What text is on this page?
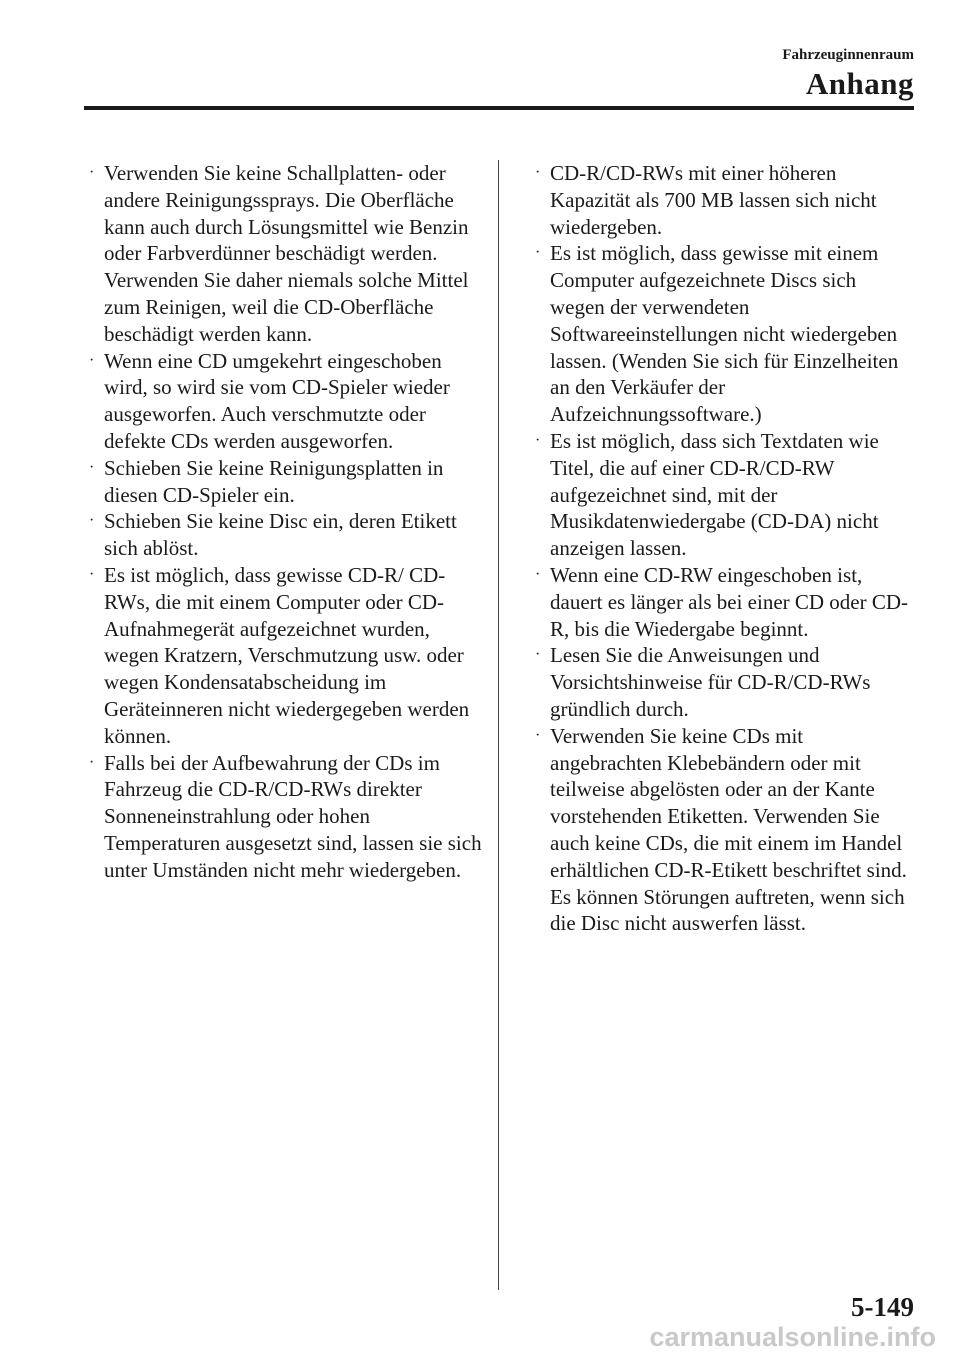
Fahrzeuginnenraum
Anhang
· Verwenden Sie keine Schallplatten- oder andere Reinigungssprays. Die Oberfläche kann auch durch Lösungsmittel wie Benzin oder Farbverdünner beschädigt werden. Verwenden Sie daher niemals solche Mittel zum Reinigen, weil die CD-Oberfläche beschädigt werden kann.
· Wenn eine CD umgekehrt eingeschoben wird, so wird sie vom CD-Spieler wieder ausgeworfen. Auch verschmutzte oder defekte CDs werden ausgeworfen.
· Schieben Sie keine Reinigungsplatten in diesen CD-Spieler ein.
· Schieben Sie keine Disc ein, deren Etikett sich ablöst.
· Es ist möglich, dass gewisse CD-R/ CD-RWs, die mit einem Computer oder CD-Aufnahmegerät aufgezeichnet wurden, wegen Kratzern, Verschmutzung usw. oder wegen Kondensatabscheidung im Geräteinneren nicht wiedergegeben werden können.
· Falls bei der Aufbewahrung der CDs im Fahrzeug die CD-R/CD-RWs direkter Sonneneinstrahlung oder hohen Temperaturen ausgesetzt sind, lassen sie sich unter Umständen nicht mehr wiedergeben.
· CD-R/CD-RWs mit einer höheren Kapazität als 700 MB lassen sich nicht wiedergeben.
· Es ist möglich, dass gewisse mit einem Computer aufgezeichnete Discs sich wegen der verwendeten Softwareeinstellungen nicht wiedergeben lassen. (Wenden Sie sich für Einzelheiten an den Verkäufer der Aufzeichnungssoftware.)
· Es ist möglich, dass sich Textdaten wie Titel, die auf einer CD-R/CD-RW aufgezeichnet sind, mit der Musikdatenwiedergabe (CD-DA) nicht anzeigen lassen.
· Wenn eine CD-RW eingeschoben ist, dauert es länger als bei einer CD oder CD-R, bis die Wiedergabe beginnt.
· Lesen Sie die Anweisungen und Vorsichtshinweise für CD-R/CD-RWs gründlich durch.
· Verwenden Sie keine CDs mit angebrachten Klebebändern oder mit teilweise abgelösten oder an der Kante vorstehenden Etiketten. Verwenden Sie auch keine CDs, die mit einem im Handel erhältlichen CD-R-Etikett beschriftet sind. Es können Störungen auftreten, wenn sich die Disc nicht auswerfen lässt.
5-149
carmanualsonline.info
